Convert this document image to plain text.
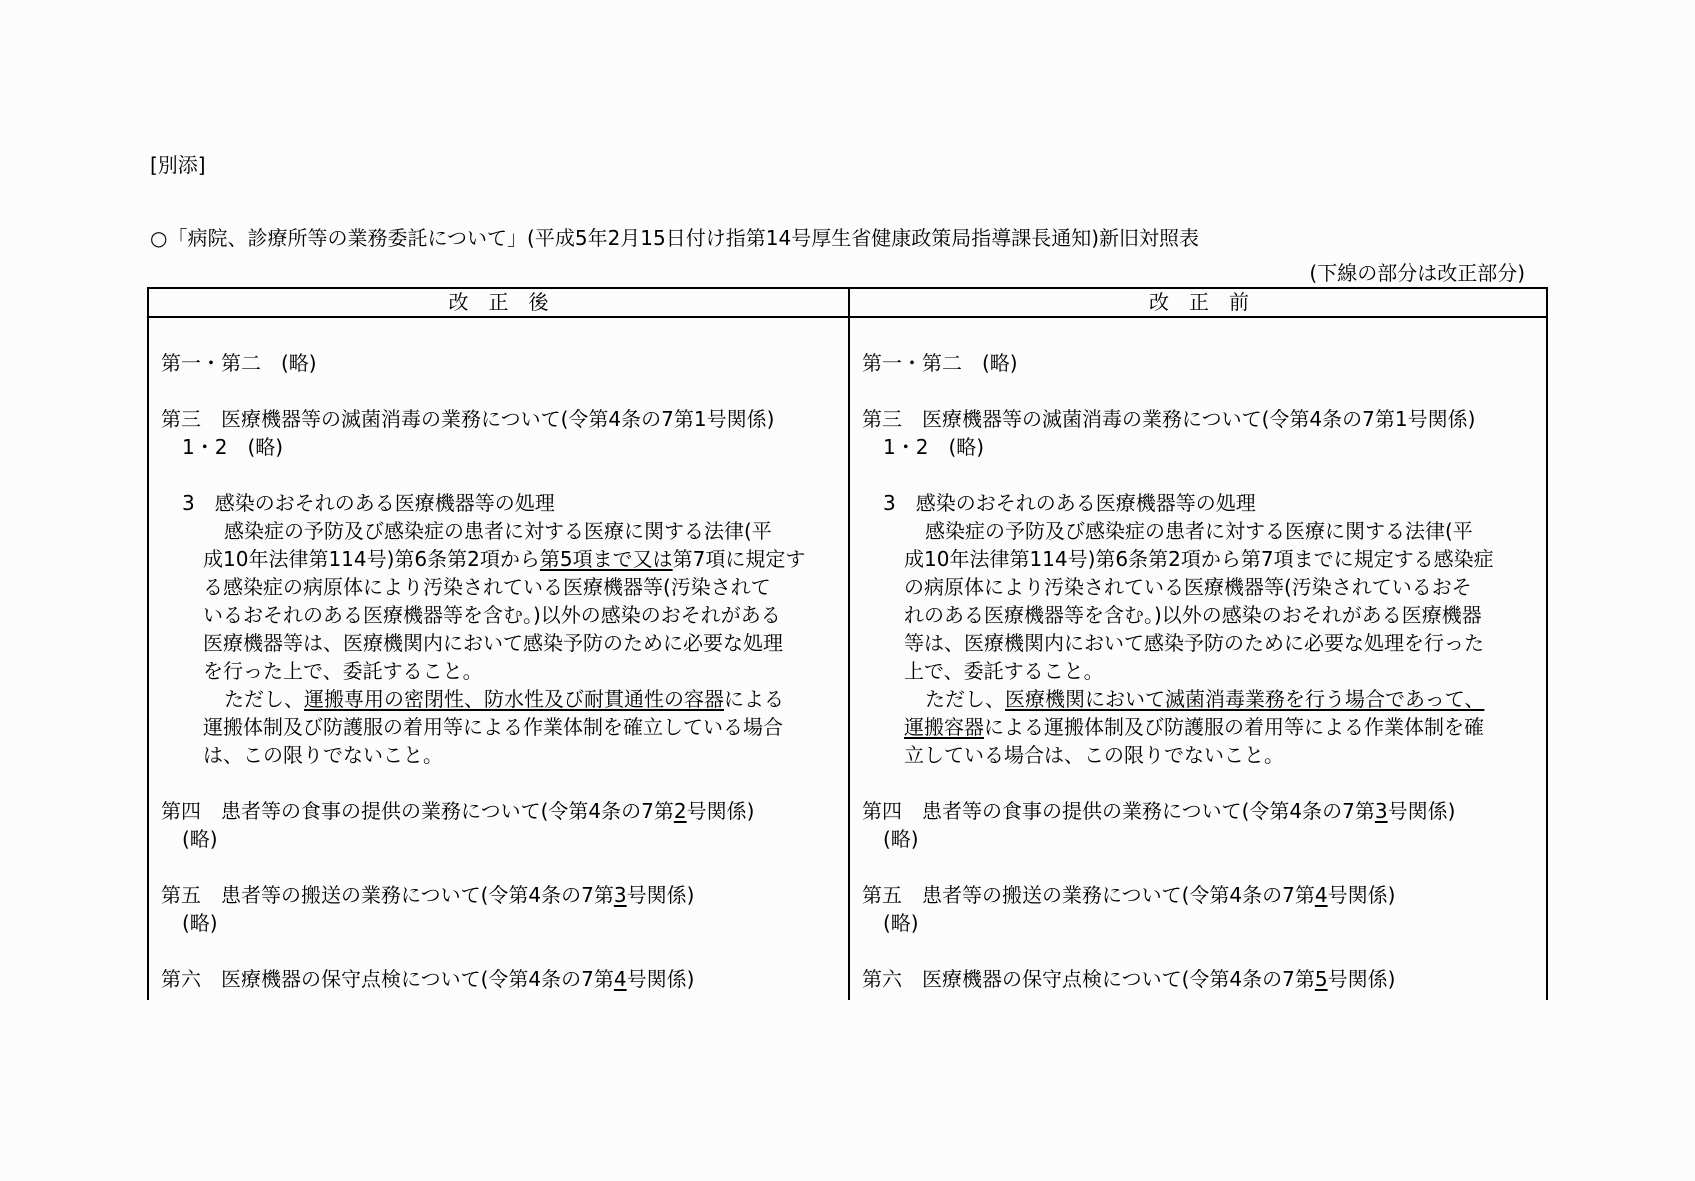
[別添]
○「病院、診療所等の業務委託について」(平成5年2月15日付け指第14号厚生省健康政策局指導課長通知)新旧対照表
(下線の部分は改正部分)
改　正　後	改　正　前
第一・第二　(略)
第三　医療機器等の滅菌消毒の業務について(令第4条の7第1号関係)
1・2　(略)
3　感染のおそれのある医療機器等の処理
感染症の予防及び感染症の患者に対する医療に関する法律(平
成10年法律第114号)第6条第2項から第5項まで又は第7項に規定す
る感染症の病原体により汚染されている医療機器等(汚染されて
いるおそれのある医療機器等を含む。)以外の感染のおそれがある
医療機器等は、医療機関内において感染予防のために必要な処理
を行った上で、委託すること。
ただし、運搬専用の密閉性、防水性及び耐貫通性の容器による
運搬体制及び防護服の着用等による作業体制を確立している場合
は、この限りでないこと。
第四　患者等の食事の提供の業務について(令第4条の7第2号関係)
(略)
第五　患者等の搬送の業務について(令第4条の7第3号関係)
(略)
第六　医療機器の保守点検について(令第4条の7第4号関係)
第一・第二　(略)
第三　医療機器等の滅菌消毒の業務について(令第4条の7第1号関係)
1・2　(略)
3　感染のおそれのある医療機器等の処理
感染症の予防及び感染症の患者に対する医療に関する法律(平
成10年法律第114号)第6条第2項から第7項までに規定する感染症
の病原体により汚染されている医療機器等(汚染されているおそ
れのある医療機器等を含む。)以外の感染のおそれがある医療機器
等は、医療機関内において感染予防のために必要な処理を行った
上で、委託すること。
ただし、医療機関において滅菌消毒業務を行う場合であって、
運搬容器による運搬体制及び防護服の着用等による作業体制を確
立している場合は、この限りでないこと。
第四　患者等の食事の提供の業務について(令第4条の7第3号関係)
(略)
第五　患者等の搬送の業務について(令第4条の7第4号関係)
(略)
第六　医療機器の保守点検について(令第4条の7第5号関係)
